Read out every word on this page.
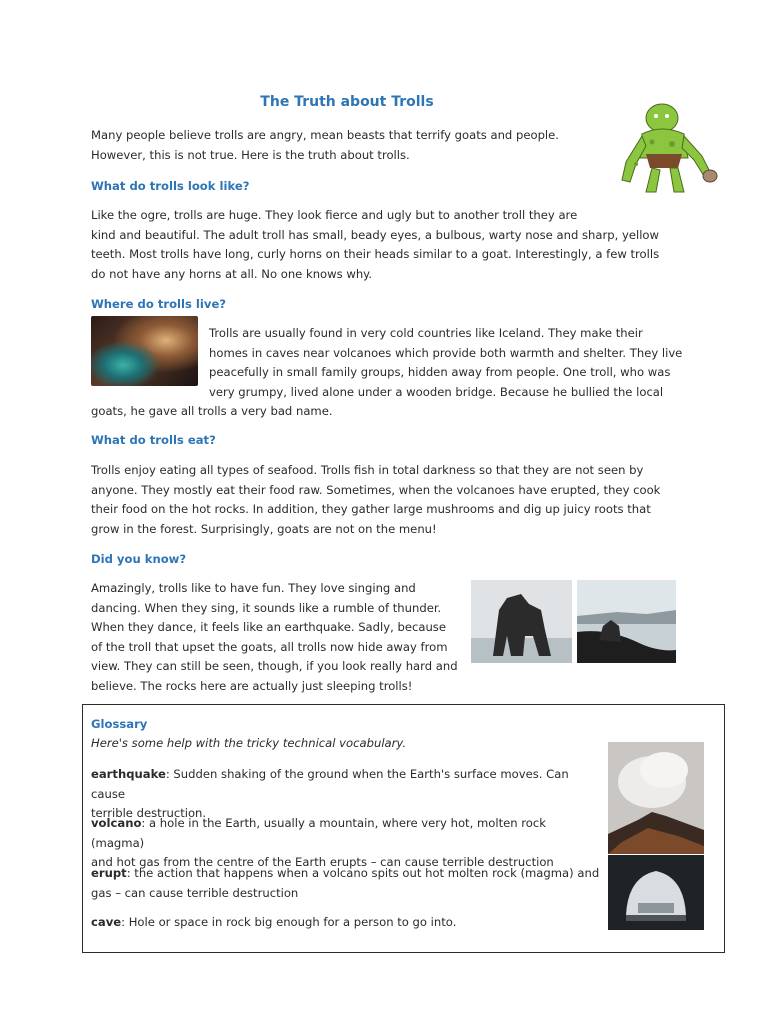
The Truth about Trolls

Many people believe trolls are angry, mean beasts that terrify goats and people.

However, this is not true. Here is the truth about trolls.

What do trolls look like?

Like the ogre, trolls are huge. They look fierce and ugly but to another troll they are

kind and beautiful. The adult troll has small, beady eyes, a bulbous, warty nose and sharp, yellow

teeth. Most trolls have long, curly horns on their heads similar to a goat. Interestingly, a few trolls

do not have any horns at all. No one knows why.

Where do trolls live?

Trolls are usually found in very cold countries like Iceland. They make their

homes in caves near volcanoes which provide both warmth and shelter. They live

peacefully in small family groups, hidden away from people. One troll, who was

very grumpy, lived alone under a wooden bridge. Because he bullied the local

goats, he gave all trolls a very bad name.

What do trolls eat?

Trolls enjoy eating all types of seafood. Trolls fish in total darkness so that they are not seen by

anyone. They mostly eat their food raw. Sometimes, when the volcanoes have erupted, they cook

their food on the hot rocks. In addition, they gather large mushrooms and dig up juicy roots that

grow in the forest. Surprisingly, goats are not on the menu!

Did you know?

Amazingly, trolls like to have fun. They love singing and

dancing. When they sing, it sounds like a rumble of thunder.

When they dance, it feels like an earthquake. Sadly, because

of the troll that upset the goats, all trolls now hide away from

view. They can still be seen, though, if you look really hard and

believe. The rocks here are actually just sleeping trolls!

Glossary
Here's some help with the tricky technical vocabulary.

earthquake: Sudden shaking of the ground when the Earth's surface moves. Can cause

terrible destruction.

volcano: a hole in the Earth, usually a mountain, where very hot, molten rock (magma)

and hot gas from the centre of the Earth erupts – can cause terrible destruction

erupt: the action that happens when a volcano spits out hot molten rock (magma) and

gas – can cause terrible destruction

cave: Hole or space in rock big enough for a person to go into.
